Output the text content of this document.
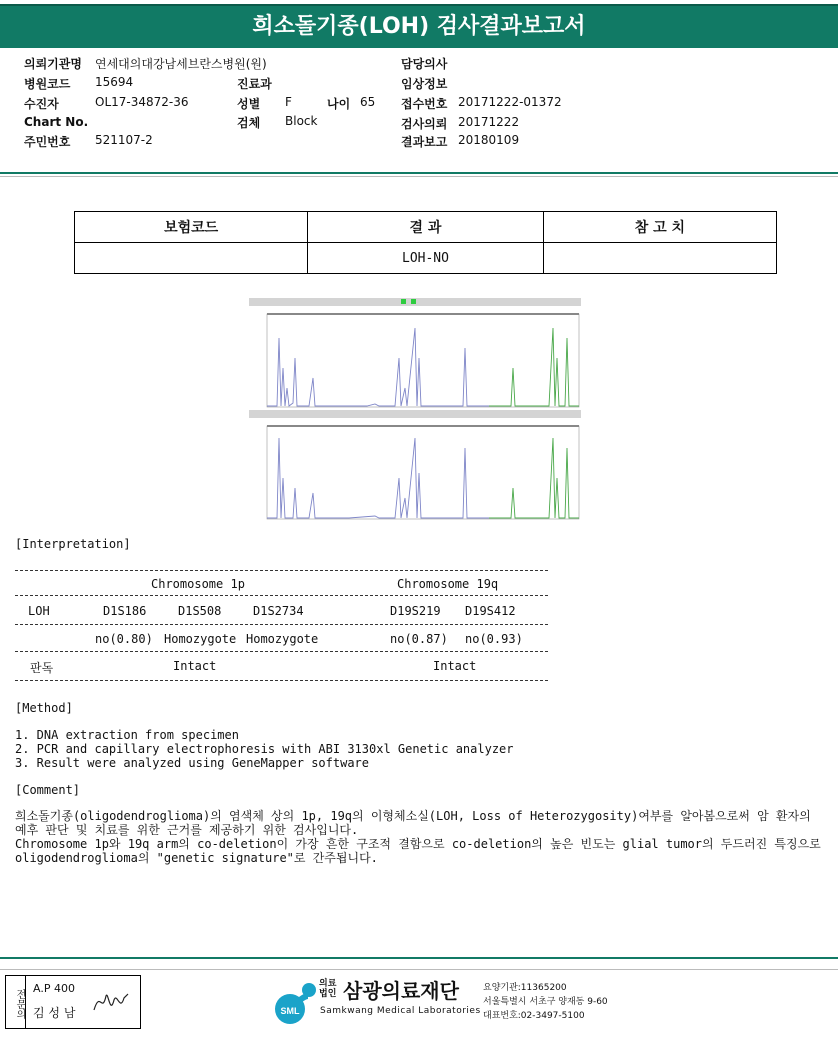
희소돌기종(LOH) 검사결과보고서
의뢰기관명 연세대의대강남세브란스병원(원)
병원코드 15694
수진자	OL17-34872-36
Chart No.
주민번호 521107-2
진료과
성별 F	나이 65
검체 Block
담당의사
임상정보
접수번호 20171222-01372
검사의뢰 20171222
결과보고 20180109
보험코드	결 과	참 고 치
	LOH-NO	
[Interpretation]
Chromosome 1p	Chromosome 19q
LOH	D1S186	D1S508	D1S2734	D19S219 D19S412
no(0.80) Homozygote Homozygote	no(0.87) no(0.93)
판독	Intact	Intact
[Method]
1. DNA extraction from specimen
2. PCR and capillary electrophoresis with ABI 3130xl Genetic analyzer
3. Result were analyzed using GeneMapper software
[Comment]
희소돌기종(oligodendroglioma)의 염색체 상의 1p, 19q의 이형체소실(LOH, Loss of Heterozygosity)여부를 알아봄으로써 암 환자의 예후 판단 및 치료를 위한 근거를 제공하기 위한 검사입니다.
Chromosome 1p와 19q arm의 co-deletion이 가장 흔한 구조적 결함으로 co-deletion의 높은 빈도는 glial tumor의 두드러진 특징으로 oligodendroglioma의 "genetic signature"로 간주됩니다.
전문의
A.P 400
김 성 남	SML
의료법인 삼광의료재단
Samkwang Medical Laboratories
요양기관:11365200
서울특별시 서초구 양재동 9-60
대표번호:02-3497-5100
